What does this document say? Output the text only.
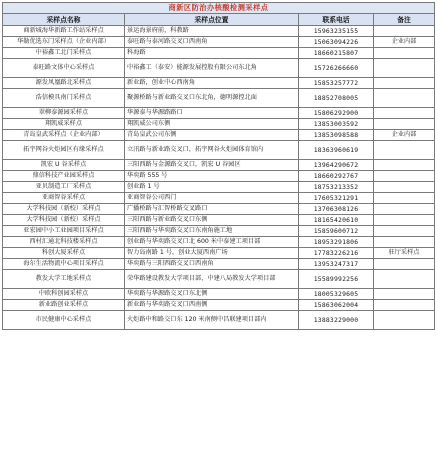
商新区防治办核酸检测采样点			
采样点名称	采样点位置	联系电话	备注
商新城海华新路工作站采样点	景运海景府前，科教路	15963235155	
华勒优选东门采样点（企业内部）	泰旺路与泰河路交叉口西南角	15063094226	企业内部
中裕鑫工北门采样点	科海路	18660215807	
泰旺路文体中心采样点	中裕鑫工（泰安）能源发展控股有限公司东北角	15726266660	
源发凤凰路北采样点	新业路，创业中心西南角	15853257772	
浩信模具南门采样点	聚源桥路与新业路交叉口东北角，德明源控北面	18852708005	
翠柳泰源园采样点	华源泰与华源路路口	15806292900	
翔凯威采样点	翔凯威公司东侧	13853003592	
青岛皇武采样点（企业内部）	青岛皇武公司东侧	13853098588	企业内部
拓宇网谷火炬园区有缘采样点	立汛路与新业路交叉口，拓宇网谷火炬园体育馆内	18363960619	
凯宏 U 谷采样点	三阳西路与金源路交叉口，凯宏 U 谷园区	13964290672	
鼎信科技产业园采样点	华奕路 555 号	18660292767	
亚贝制造工厂采样点	创业路 1 号	18753213352	
亚商智谷采样点	亚商智谷公司西门	17605321291	
大学科技园（新校）采样点	广播桥路与汇智桥路交叉路口	13706308126	
大学科技园（新校）采样点	三阳西路与新业路交叉口东侧	18165420610	
亚宏园中小工业园项目采样点	三阳西路与华奕路交叉口东南角施工地	15859600712	
西村汇通北科技楼采样点	创业路与华奕路交叉口北 600 米中泰建工项目部	18953291806	
科创大厦采样点	智力岛南路 1 号，创业大厦西南广场	17783226216	驻厅采样点
海尔生活物流中心项目采样点	华奕路与三阳西路交叉口西南角	13953247317	
教发大学工地采样点	荣华路建设教发大学项目部，中建八局教发大学项目部	15589992256	
中欧科创园采样点	华奕路与华源路交叉口东北侧	18005329605	
新业路创业采样点	新业路与华奕路交叉口西南侧	15863062004	
市民健康中心采样点	火炬路中和路交口东 120 米南侧中昌联建项目部内	13883229000	
